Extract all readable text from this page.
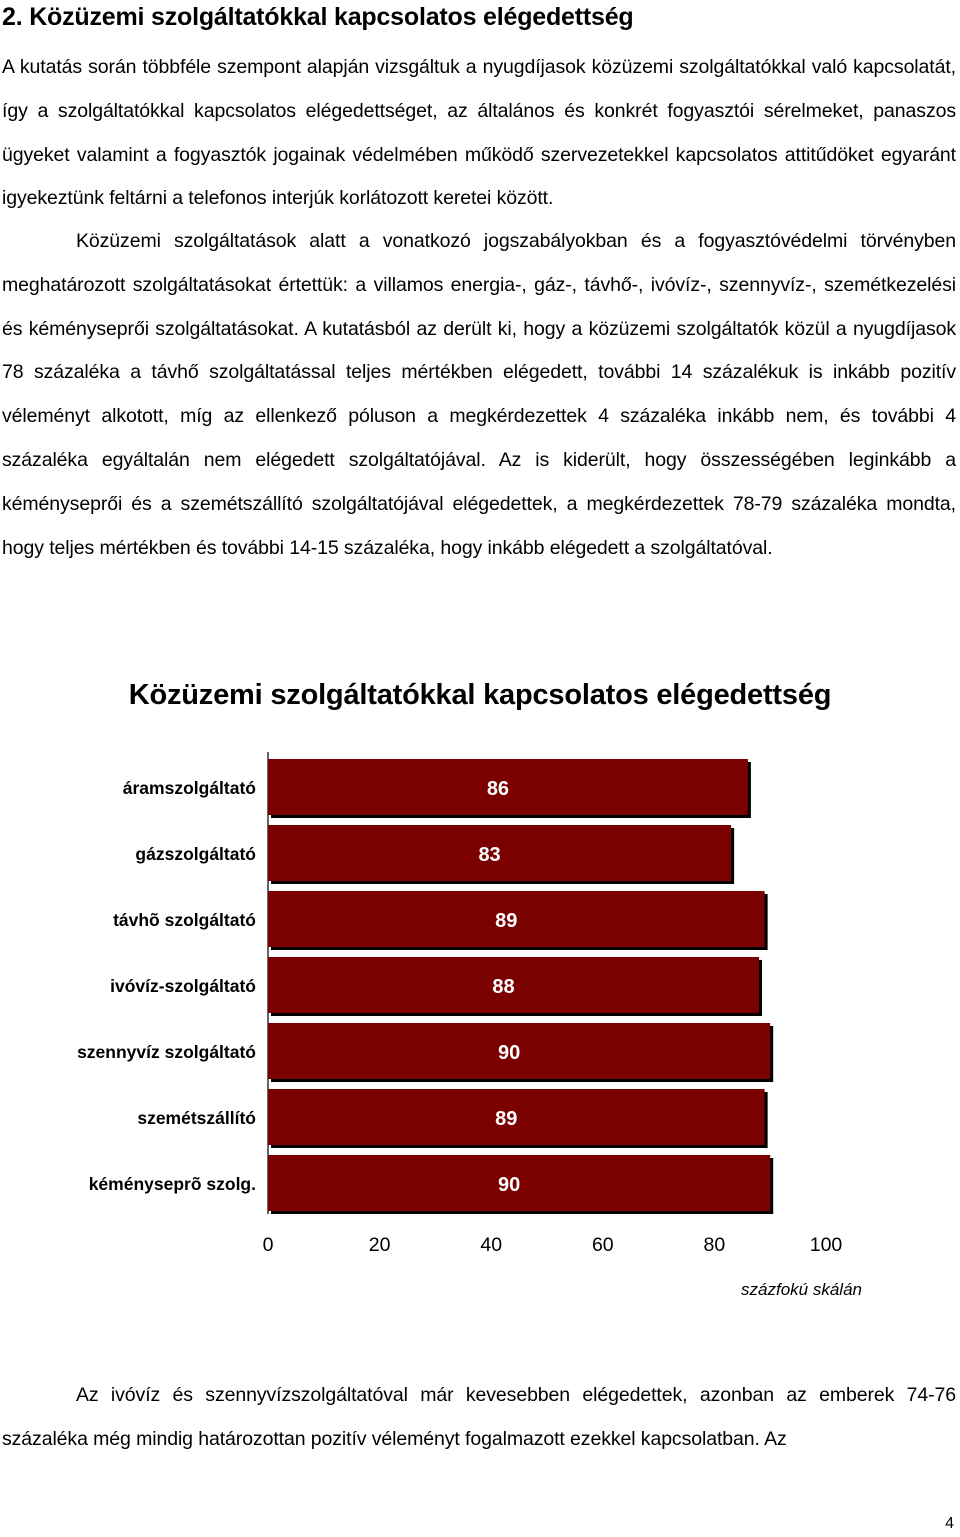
2. Közüzemi szolgáltatókkal kapcsolatos elégedettség

A kutatás során többféle szempont alapján vizsgáltuk a nyugdíjasok közüzemi szolgáltatókkal való kapcsolatát, így a szolgáltatókkal kapcsolatos elégedettséget, az általános és konkrét fogyasztói sérelmeket, panaszos ügyeket valamint a fogyasztók jogainak védelmében működő szervezetekkel kapcsolatos attitűdöket egyaránt igyekeztünk feltárni a telefonos interjúk korlátozott keretei között.

Közüzemi szolgáltatások alatt a vonatkozó jogszabályokban és a fogyasztóvédelmi törvényben meghatározott szolgáltatásokat értettük: a villamos energia-, gáz-, távhő-, ivóvíz-, szennyvíz-, szemétkezelési és kéményseprői szolgáltatásokat. A kutatásból az derült ki, hogy a közüzemi szolgáltatók közül a nyugdíjasok 78 százaléka a távhő szolgáltatással teljes mértékben elégedett, további 14 százalékuk is inkább pozitív véleményt alkotott, míg az ellenkező póluson a megkérdezettek 4 százaléka inkább nem, és további 4 százaléka egyáltalán nem elégedett szolgáltatójával. Az is kiderült, hogy összességében leginkább a kéményseprői és a szemétszállító szolgáltatójával elégedettek, a megkérdezettek 78-79 százaléka mondta, hogy teljes mértékben és további 14-15 százaléka, hogy inkább elégedett a szolgáltatóval.

Közüzemi szolgáltatókkal kapcsolatos elégedettség
áramszolgáltató	86
gázszolgáltató	83
távhõ szolgáltató	89
ivóvíz-szolgáltató	88
szennyvíz szolgáltató	90
szemétszállító	89
kéményseprõ szolg.	90
0	20	40	60	80	100
százfokú skálán

Az ivóvíz és szennyvízszolgáltatóval már kevesebben elégedettek, azonban az emberek 74-76 százaléka még mindig határozottan pozitív véleményt fogalmazott ezekkel kapcsolatban. Az

4
